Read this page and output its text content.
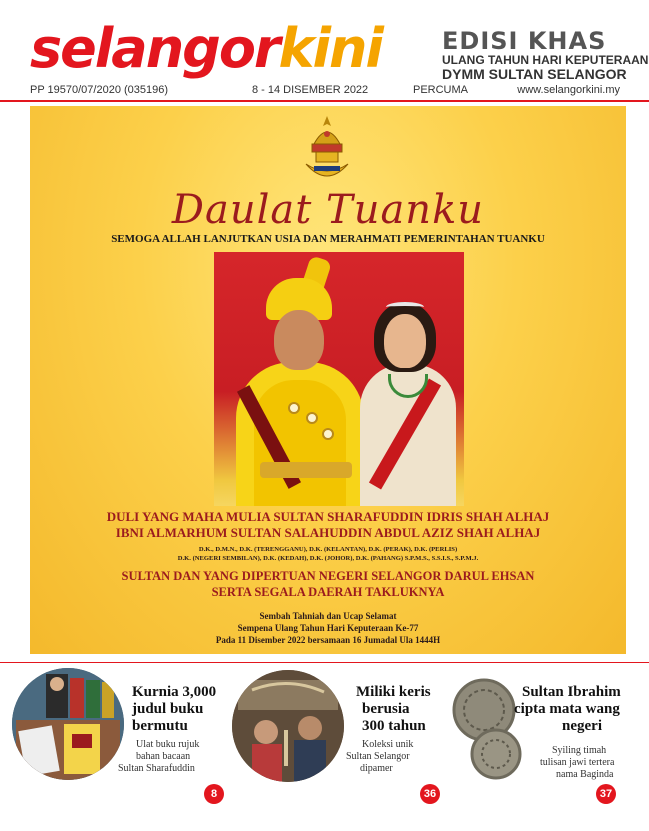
selangorkini	EDISI KHAS
ULANG TAHUN HARI KEPUTERAAN
DYMM SULTAN SELANGOR
PP 19570/07/2020 (035196)	8 - 14 DISEMBER 2022	PERCUMA	www.selangorkini.my
Daulat Tuanku
SEMOGA ALLAH LANJUTKAN USIA DAN MERAHMATI PEMERINTAHAN TUANKU
DULI YANG MAHA MULIA SULTAN SHARAFUDDIN IDRIS SHAH ALHAJ
IBNI ALMARHUM SULTAN SALAHUDDIN ABDUL AZIZ SHAH ALHAJ
D.K., D.M.N., D.K. (TERENGGANU), D.K. (KELANTAN), D.K. (PERAK), D.K. (PERLIS)
D.K. (NEGERI SEMBILAN), D.K. (KEDAH), D.K. (JOHOR), D.K. (PAHANG) S.P.M.S., S.S.I.S., S.P.M.J.
SULTAN DAN YANG DIPERTUAN NEGERI SELANGOR DARUL EHSAN
SERTA SEGALA DAERAH TAKLUKNYA
Sembah Tahniah dan Ucap Selamat
Sempena Ulang Tahun Hari Keputeraan Ke-77
Pada 11 Disember 2022 bersamaan 16 Jumadal Ula 1444H
Kurnia 3,000
judul buku
bermutu
Ulat buku rujuk
bahan bacaan
Sultan Sharafuddin
8
Miliki keris
berusia
300 tahun
Koleksi unik
Sultan Selangor
dipamer
36
Sultan Ibrahim
cipta mata wang
negeri
Syiling timah
tulisan jawi tertera
nama Baginda
37
